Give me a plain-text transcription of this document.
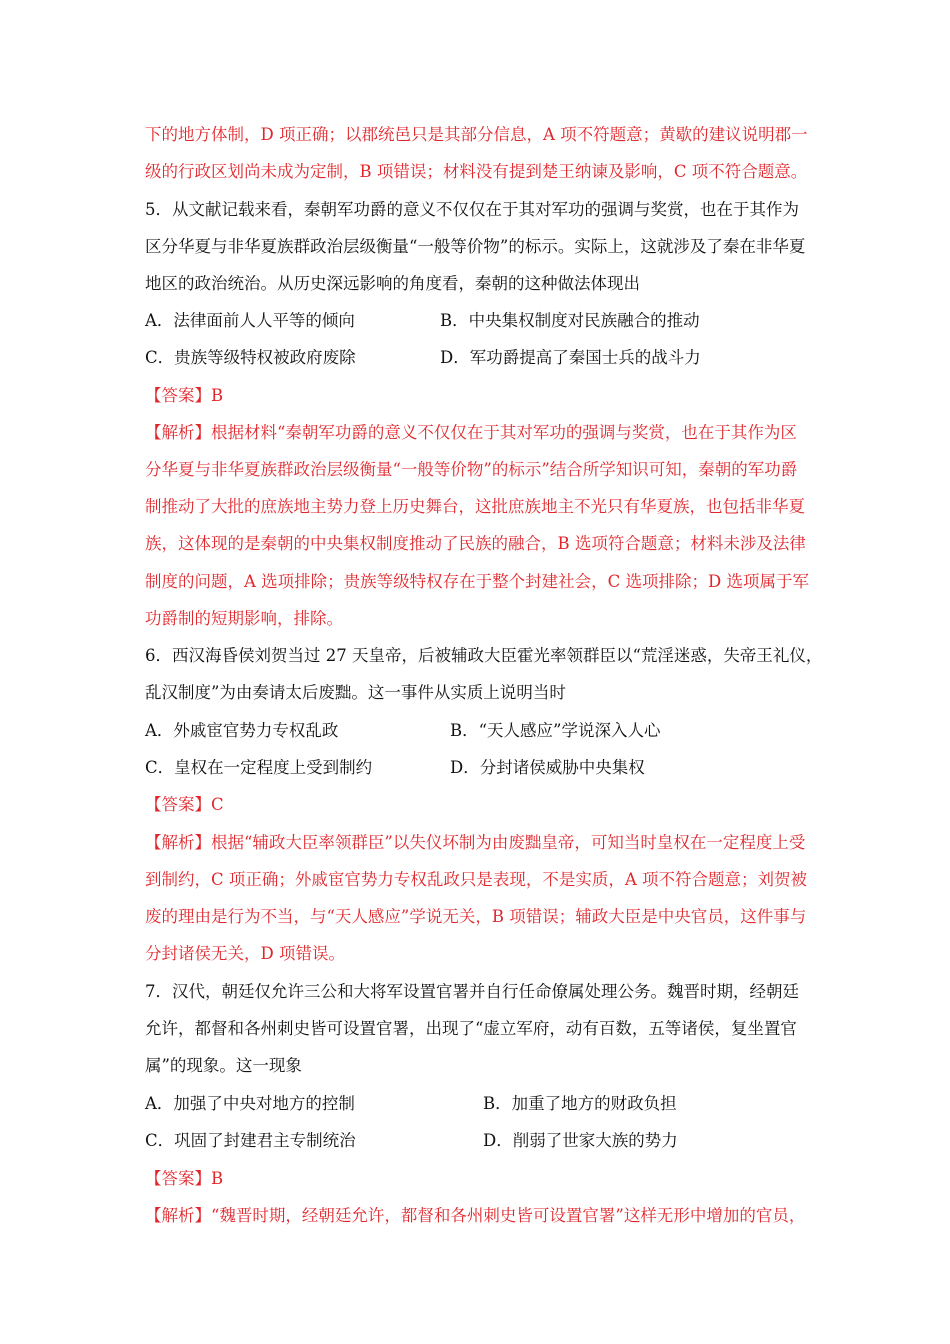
下的地方体制，D 项正确；以郡统邑只是其部分信息，A 项不符题意；黄歇的建议说明郡一
级的行政区划尚未成为定制，B 项错误；材料没有提到楚王纳谏及影响，C 项不符合题意。
5．从文献记载来看，秦朝军功爵的意义不仅仅在于其对军功的强调与奖赏，也在于其作为
区分华夏与非华夏族群政治层级衡量“一般等价物”的标示。实际上，这就涉及了秦在非华夏
地区的政治统治。从历史深远影响的角度看，秦朝的这种做法体现出
A．法律面前人人平等的倾向	B．中央集权制度对民族融合的推动
C．贵族等级特权被政府废除	D．军功爵提高了秦国士兵的战斗力
【答案】B
【解析】根据材料“秦朝军功爵的意义不仅仅在于其对军功的强调与奖赏，也在于其作为区
分华夏与非华夏族群政治层级衡量“一般等价物”的标示”结合所学知识可知，秦朝的军功爵
制推动了大批的庶族地主势力登上历史舞台，这批庶族地主不光只有华夏族，也包括非华夏
族，这体现的是秦朝的中央集权制度推动了民族的融合，B 选项符合题意；材料未涉及法律
制度的问题，A 选项排除；贵族等级特权存在于整个封建社会，C 选项排除；D 选项属于军
功爵制的短期影响，排除。
6．西汉海昏侯刘贺当过 27 天皇帝，后被辅政大臣霍光率领群臣以“荒淫迷惑，失帝王礼仪，
乱汉制度”为由奏请太后废黜。这一事件从实质上说明当时
A．外戚宦官势力专权乱政	B．“天人感应”学说深入人心
C．皇权在一定程度上受到制约	D．分封诸侯威胁中央集权
【答案】C
【解析】根据“辅政大臣率领群臣”以失仪坏制为由废黜皇帝，可知当时皇权在一定程度上受
到制约，C 项正确；外戚宦官势力专权乱政只是表现，不是实质，A 项不符合题意；刘贺被
废的理由是行为不当，与“天人感应”学说无关，B 项错误；辅政大臣是中央官员，这件事与
分封诸侯无关，D 项错误。
7．汉代，朝廷仅允许三公和大将军设置官署并自行任命僚属处理公务。魏晋时期，经朝廷
允许，都督和各州刺史皆可设置官署，出现了“虚立军府，动有百数，五等诸侯，复坐置官
属”的现象。这一现象
A．加强了中央对地方的控制	B．加重了地方的财政负担
C．巩固了封建君主专制统治	D．削弱了世家大族的势力
【答案】B
【解析】“魏晋时期，经朝廷允许，都督和各州刺史皆可设置官署”这样无形中增加的官员，
